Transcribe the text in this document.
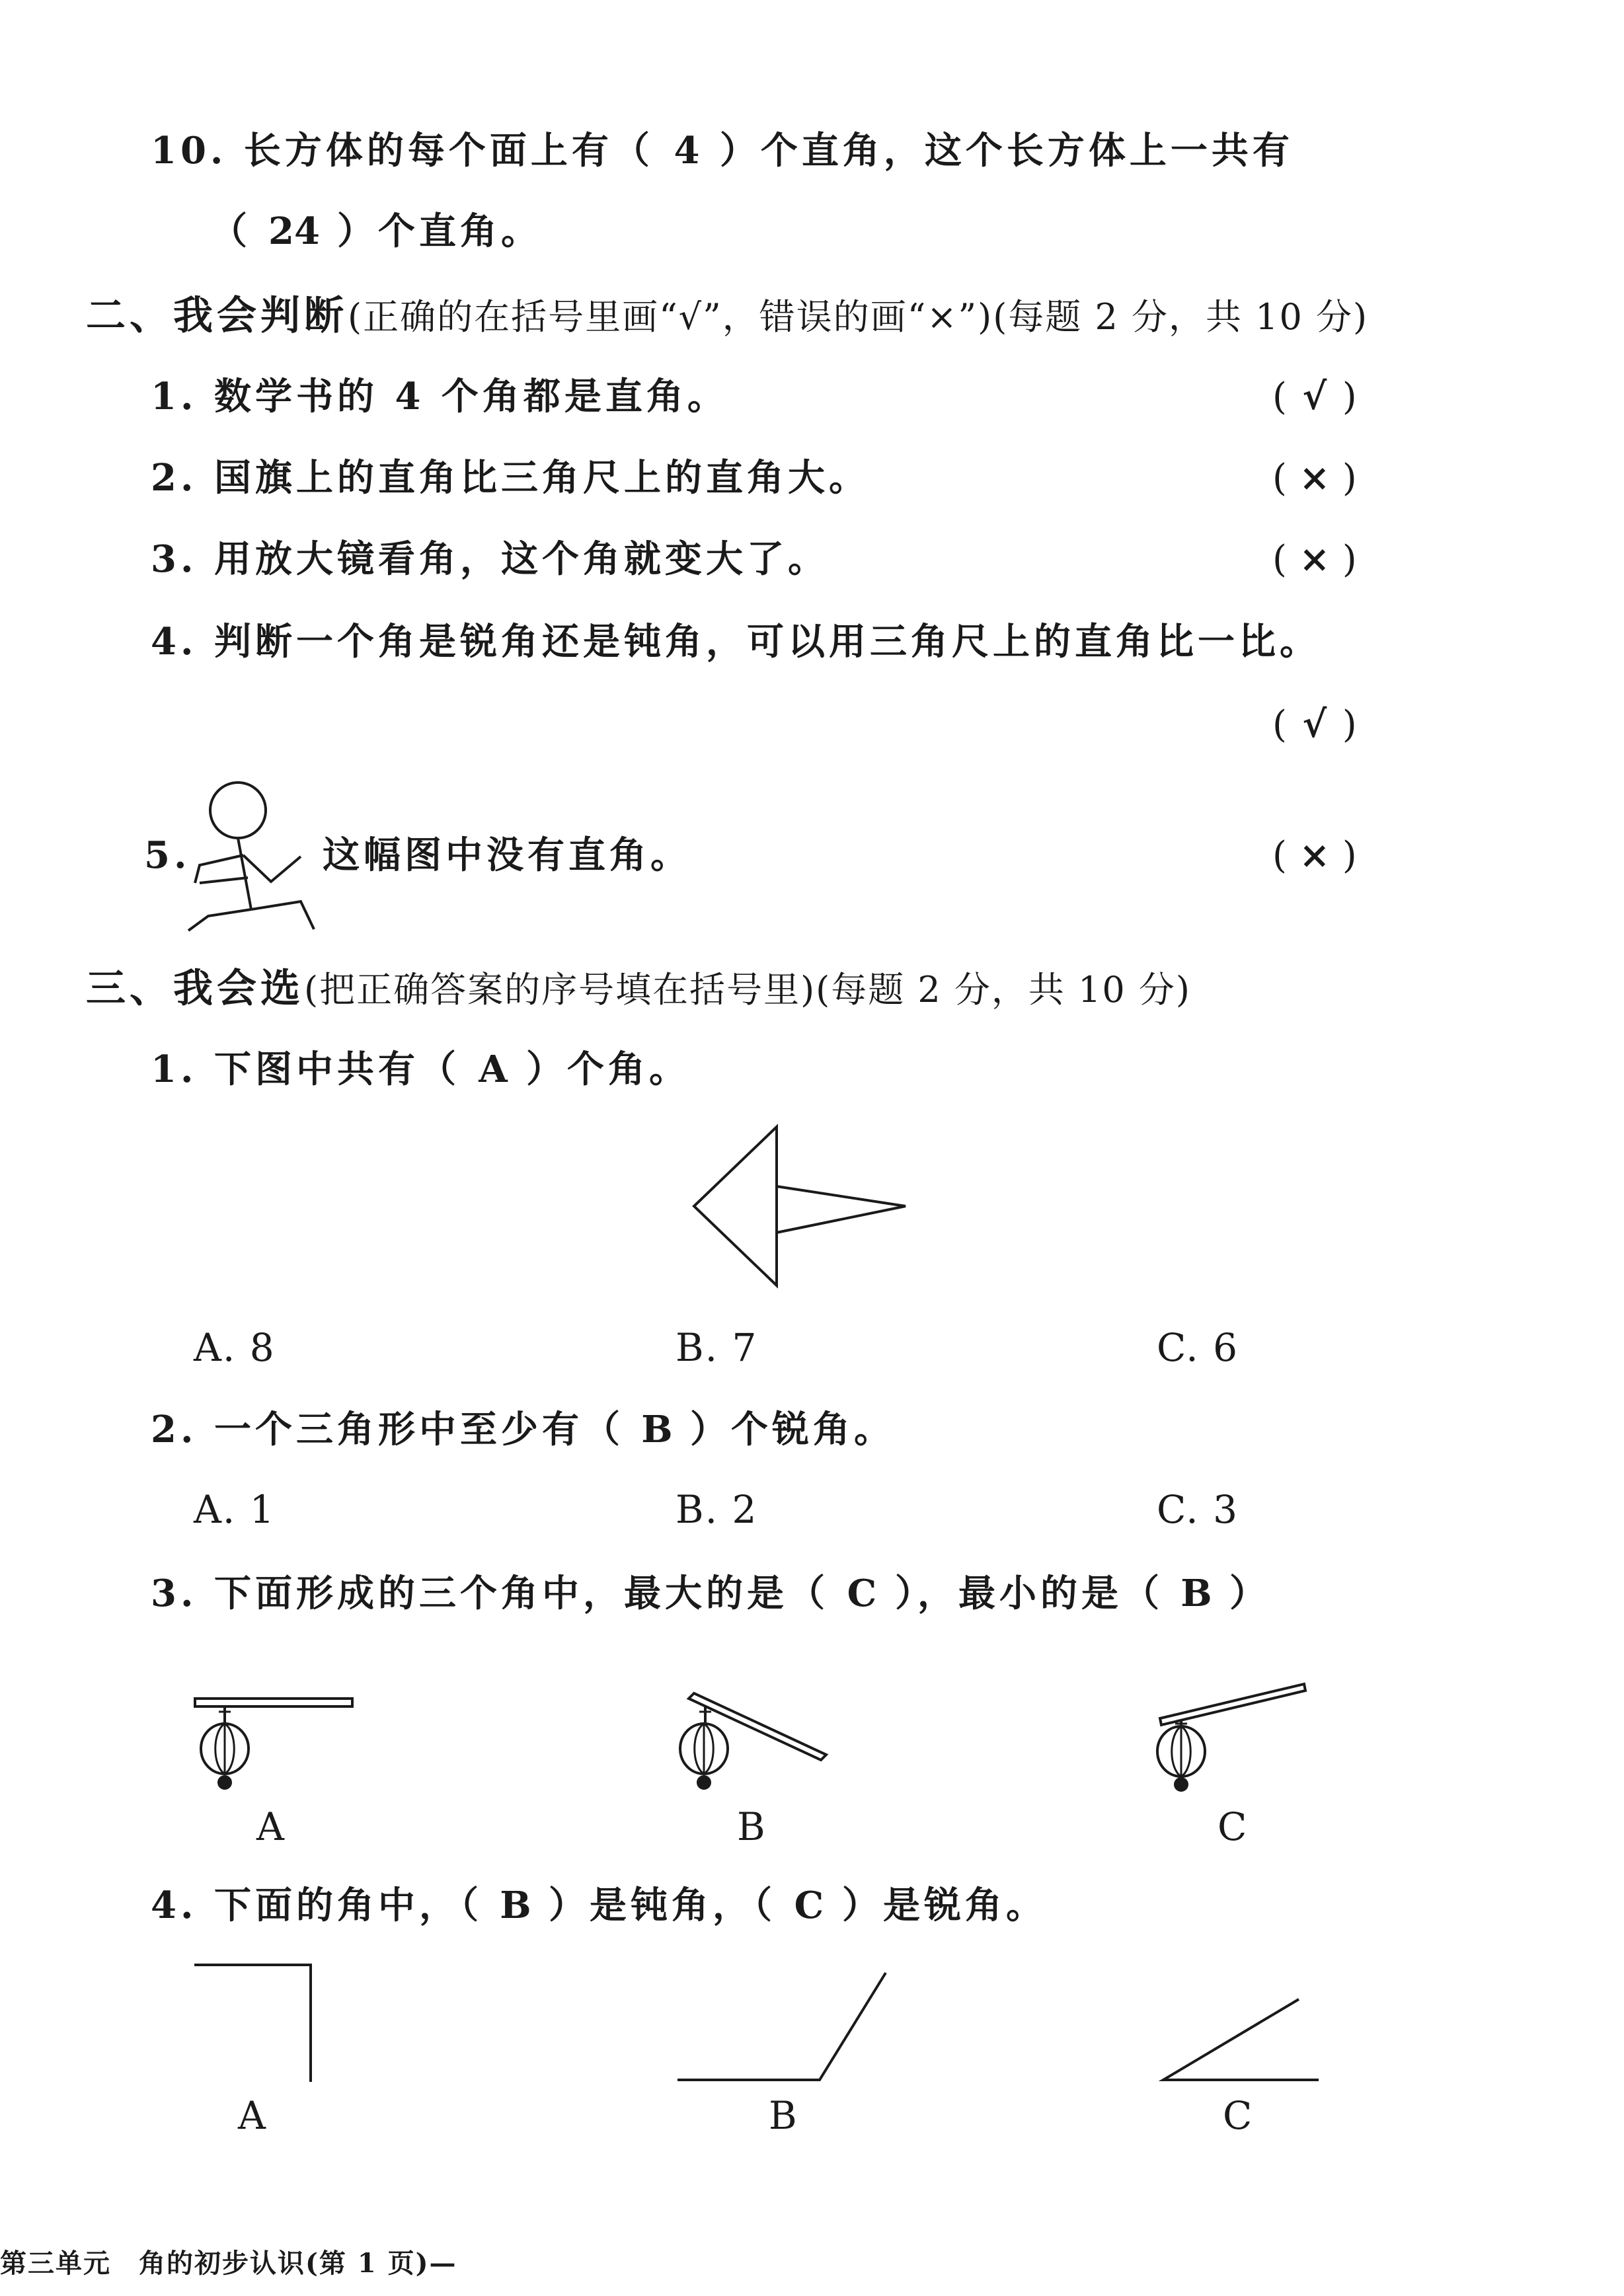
10. 长方体的每个面上有（ 4 ）个直角，这个长方体上一共有
（ 24 ）个直角。
二、我会判断(正确的在括号里画“√”，错误的画“×”)(每题 2 分，共 10 分)
1. 数学书的 4 个角都是直角。	( √ )
2. 国旗上的直角比三角尺上的直角大。	( × )
3. 用放大镜看角，这个角就变大了。	( × )
4. 判断一个角是锐角还是钝角，可以用三角尺上的直角比一比。
( √ )
5.	这幅图中没有直角。	( × )
三、我会选(把正确答案的序号填在括号里)(每题 2 分，共 10 分)
1. 下图中共有（ A ）个角。
A. 8	B. 7	C. 6
2. 一个三角形中至少有（ B ）个锐角。
A. 1	B. 2	C. 3
3. 下面形成的三个角中，最大的是（ C ），最小的是（ B ）
A	B	C
4. 下面的角中，（ B ）是钝角，（ C ）是锐角。
A	B	C
第三单元　角的初步认识(第 1 页)—
